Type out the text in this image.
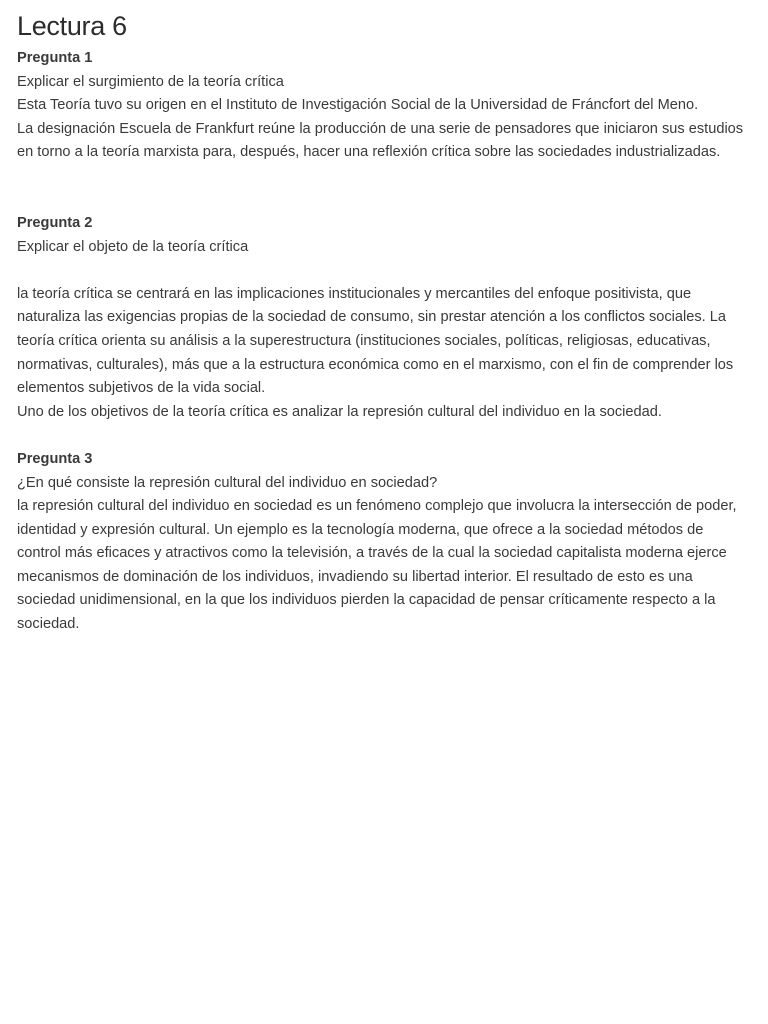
Lectura 6

Pregunta 1

Explicar el surgimiento de la teoría crítica

Esta Teoría tuvo su origen en el Instituto de Investigación Social de la Universidad de Fráncfort del Meno.

La designación Escuela de Frankfurt reúne la producción de una serie de pensadores que iniciaron sus estudios en torno a la teoría marxista para, después, hacer una reflexión crítica sobre las sociedades industrializadas.

Pregunta 2

Explicar el objeto de la teoría crítica

la teoría crítica se centrará en las implicaciones institucionales y mercantiles del enfoque positivista, que naturaliza las exigencias propias de la sociedad de consumo, sin prestar atención a los conflictos sociales. La teoría crítica orienta su análisis a la superestructura (instituciones sociales, políticas, religiosas, educativas, normativas, culturales), más que a la estructura económica como en el marxismo, con el fin de comprender los elementos subjetivos de la vida social.

Uno de los objetivos de la teoría crítica es analizar la represión cultural del individuo en la sociedad.

Pregunta 3

¿En qué consiste la represión cultural del individuo en sociedad?

la represión cultural del individuo en sociedad es un fenómeno complejo que involucra la intersección de poder, identidad y expresión cultural. Un ejemplo es la tecnología moderna, que ofrece a la sociedad métodos de control más eficaces y atractivos como la televisión, a través de la cual la sociedad capitalista moderna ejerce mecanismos de dominación de los individuos, invadiendo su libertad interior. El resultado de esto es una sociedad unidimensional, en la que los individuos pierden la capacidad de pensar críticamente respecto a la sociedad.
